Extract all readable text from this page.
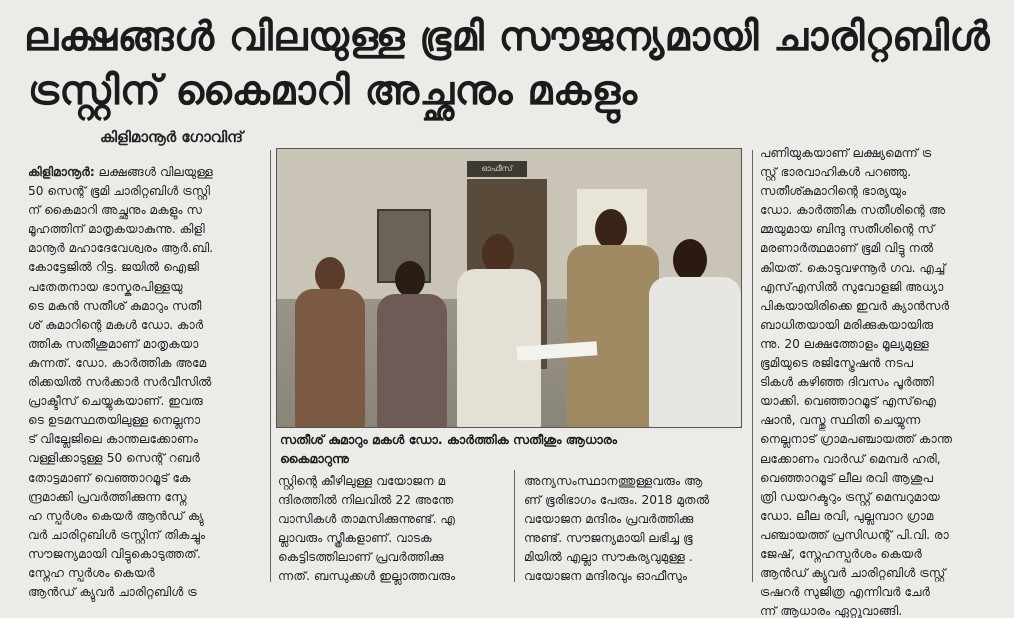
ലക്ഷങ്ങൾ വിലയുള്ള ഭൂമി സൗജന്യമായി ചാരിറ്റബിൾ
ട്രസ്റ്റിന് കൈമാറി അച്ഛനും മകളും
കിളിമാനൂർ ഗോവിന്ദ്
കിളിമാനൂർ: ലക്ഷങ്ങൾ വിലയുള്ള
50 സെന്റ് ഭൂമി ചാരിറ്റബിൾ ട്രസ്റ്റി
ന് കൈമാറി അച്ഛനും മകളും സ
മൂഹത്തിന് മാതൃകയാകുന്നു. കിളി
മാനൂർ മഹാദേവേശ്വരം ആർ.ബി.
കോട്ടേജിൽ റിട്ട. ജയിൽ ഐജി
പതേതനായ ഭാസ്കരപിള്ളയു
ടെ മകൻ സതീശ് കുമാറും സതീ
ശ് കുമാറിന്റെ മകൾ ഡോ. കാർ
ത്തിക സതീശുമാണ് മാതൃകയാ
കുന്നത്. ഡോ. കാർത്തിക അമേ
രിക്കയിൽ സർക്കാർ സർവീസിൽ
പ്രാക്ടീസ് ചെയ്യുകയാണ്. ഇവരു
ടെ ഉടമസ്ഥതയിലുള്ള നെല്ലനാ
ട് വില്ലേജിലെ കാന്തലക്കോണം
വള്ളിക്കാടുള്ള 50 സെന്റ് റബർ
തോട്ടമാണ് വെഞ്ഞാറമൂട് കേ
ന്ദ്രമാക്കി പ്രവർത്തിക്കുന്ന സ്നേ
ഹ സ്പർശം കെയർ ആൻഡ് ക്യു
വർ ചാരിറ്റബിൾ ട്രസ്റ്റിന് തികച്ചും
സൗജന്യമായി വിട്ടുകൊടുത്തത്.
സ്നേഹ സ്പർശം കെയർ
ആൻഡ് ക്യുവർ ചാരിറ്റബിൾ ട്ര
ഓഫീസ്
സതീശ് കുമാറും മകൾ ഡോ. കാർത്തിക സതീശും ആധാരം
കൈമാറുന്നു
സ്റ്റിന്റെ കീഴിലുള്ള വയോജന മ
ന്ദിരത്തിൽ നിലവിൽ 22 അന്തേ
വാസികൾ താമസിക്കുന്നുണ്ട്. എ
ല്ലാവരും സ്ത്രീകളാണ്. വാടക
കെട്ടിടത്തിലാണ് പ്രവർത്തിക്കു
ന്നത്. ബന്ധുക്കൾ ഇല്ലാത്തവരും
അന്യസംസ്ഥാനത്തുള്ളവരും ആ
ണ് ഭൂരിഭാഗം പേരും. 2018 മുതൽ
വയോജന മന്ദിരം പ്രവർത്തിക്കു
ന്നുണ്ട്. സൗജന്യമായി ലഭിച്ച ഭൂ
മിയിൽ എല്ലാ സൗകര്യവുമുള്ള .
വയോജന മന്ദിരവും ഓഫീസും
പണിയുകയാണ് ലക്ഷ്യമെന്ന് ട്ര
സ്റ്റ് ഭാരവാഹികൾ പറഞ്ഞു.
സതീശ്കുമാറിന്റെ ഭാര്യയും
ഡോ. കാർത്തിക സതീശിന്റെ അ
മ്മയുമായ ബിന്ദു സതീശിന്റെ സ്
മരണാർത്ഥമാണ് ഭൂമി വിട്ടു നൽ
കിയത്. കൊടുവഴന്നൂർ ഗവ. എച്ച്
എസ്എസിൽ സുവോളജി അധ്യാ
പികയായിരിക്കെ ഇവർ ക്യാൻസർ
ബാധിതയായി മരിക്കുകയായിരു
ന്നു. 20 ലക്ഷത്തോളം മൂല്യമുള്ള
ഭൂമിയുടെ രജിസ്ട്രേഷൻ നടപ
ടികൾ കഴിഞ്ഞ ദിവസം പൂർത്തി
യാക്കി. വെഞ്ഞാറമൂട് എസ്ഐ
ഷാൻ, വസ്തു സ്ഥിതി ചെയ്യുന്ന
നെല്ലനാട് ഗ്രാമപഞ്ചായത്ത് കാന്ത
ലക്കോണം വാർഡ് മെമ്പർ ഹരി,
വെഞ്ഞാറമൂട് ലീല രവി ആശുപ
ത്രി ഡയറക്ടറും ട്രസ്റ്റ് മെമ്പറുമായ
ഡോ. ലീല രവി, പുല്ലമ്പാറ ഗ്രാമ
പഞ്ചായത്ത് പ്രസിഡന്റ് പി.വി. രാ
ജേഷ്, സ്നേഹസ്പർശം കെയർ
ആൻഡ് ക്യുവർ ചാരിറ്റബിൾ ട്രസ്റ്റ്
ട്രഷറർ സുജിത്ര എന്നിവർ ചേർ
ന്ന് ആധാരം ഏറ്റുവാങ്ങി.
